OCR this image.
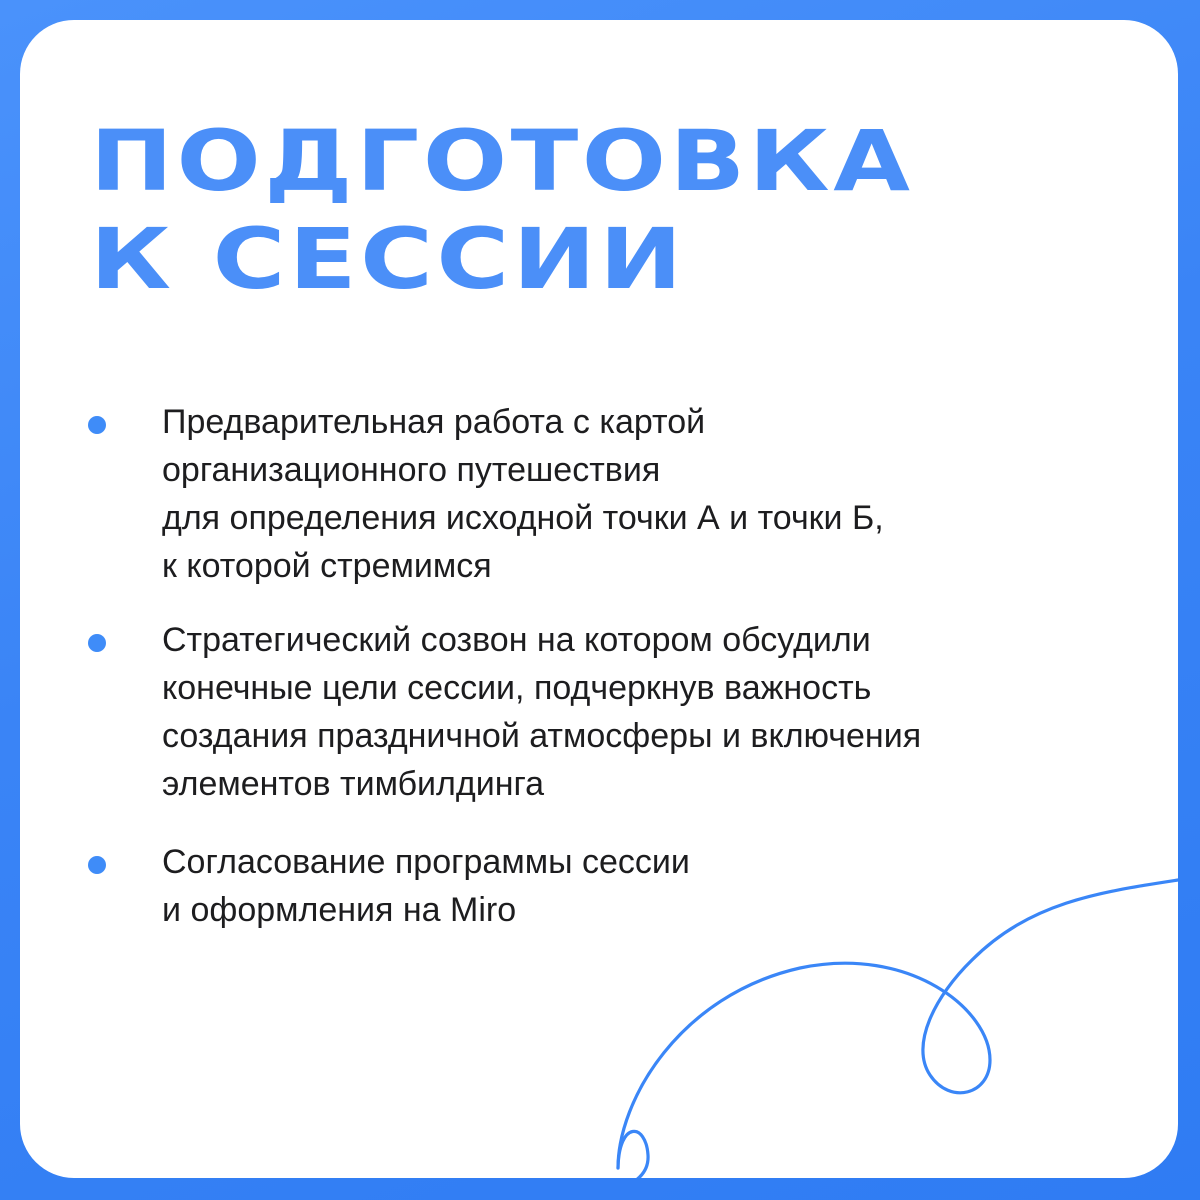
ПОДГОТОВКА
К СЕССИИ

Предварительная работа с картой
организационного путешествия
для определения исходной точки А и точки Б,
к которой стремимся

Стратегический созвон на котором обсудили
конечные цели сессии, подчеркнув важность
создания праздничной атмосферы и включения
элементов тимбилдинга

Согласование программы сессии
и оформления на Miro
